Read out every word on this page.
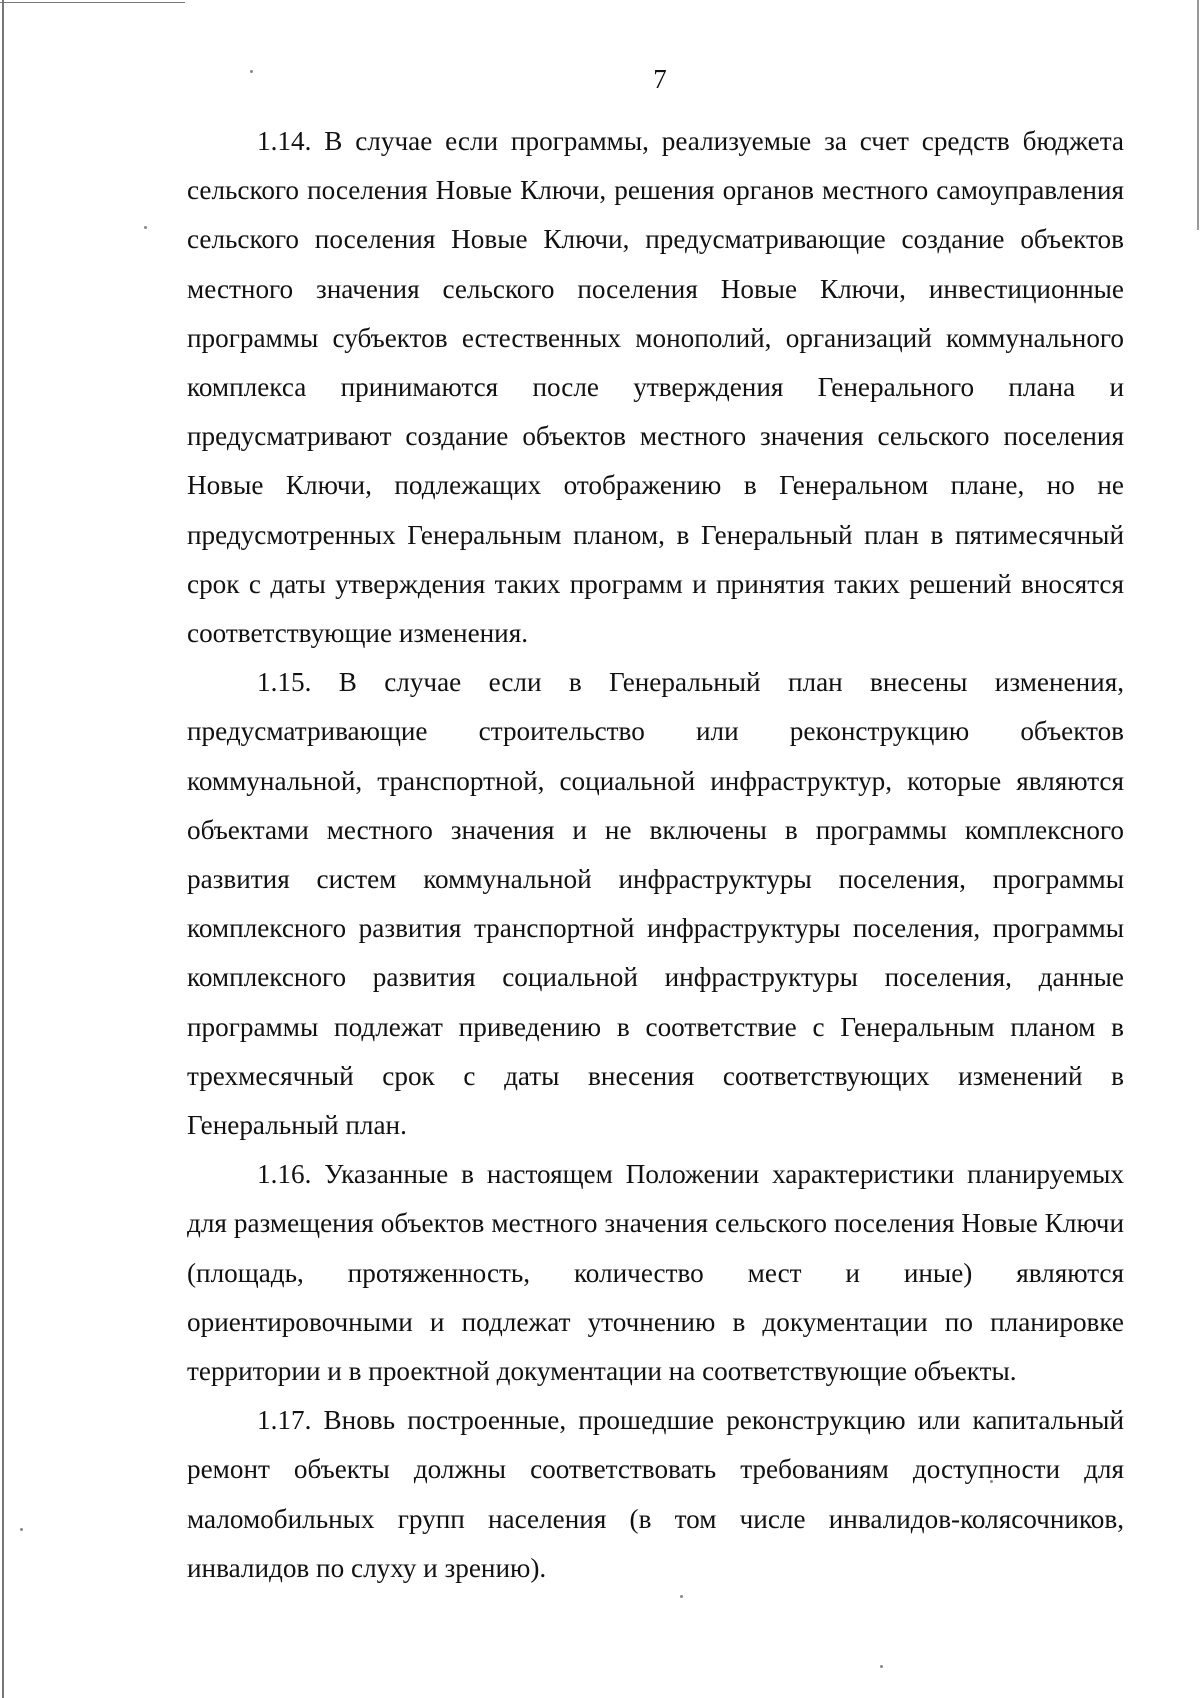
7

1.14. В случае если программы, реализуемые за счет средств бюджета сельского поселения Новые Ключи, решения органов местного самоуправления сельского поселения Новые Ключи, предусматривающие создание объектов местного значения сельского поселения Новые Ключи, инвестиционные программы субъектов естественных монополий, организаций коммунального комплекса принимаются после утверждения Генерального плана и предусматривают создание объектов местного значения сельского поселения Новые Ключи, подлежащих отображению в Генеральном плане, но не предусмотренных Генеральным планом, в Генеральный план в пятимесячный срок с даты утверждения таких программ и принятия таких решений вносятся соответствующие изменения.

1.15. В случае если в Генеральный план внесены изменения, предусматривающие строительство или реконструкцию объектов коммунальной, транспортной, социальной инфраструктур, которые являются объектами местного значения и не включены в программы комплексного развития систем коммунальной инфраструктуры поселения, программы комплексного развития транспортной инфраструктуры поселения, программы комплексного развития социальной инфраструктуры поселения, данные программы подлежат приведению в соответствие с Генеральным планом в трехмесячный срок с даты внесения соответствующих изменений в Генеральный план.

1.16. Указанные в настоящем Положении характеристики планируемых для размещения объектов местного значения сельского поселения Новые Ключи (площадь, протяженность, количество мест и иные) являются ориентировочными и подлежат уточнению в документации по планировке территории и в проектной документации на соответствующие объекты.

1.17. Вновь построенные, прошедшие реконструкцию или капитальный ремонт объекты должны соответствовать требованиям доступности для маломобильных групп населения (в том числе инвалидов-колясочников, инвалидов по слуху и зрению).
